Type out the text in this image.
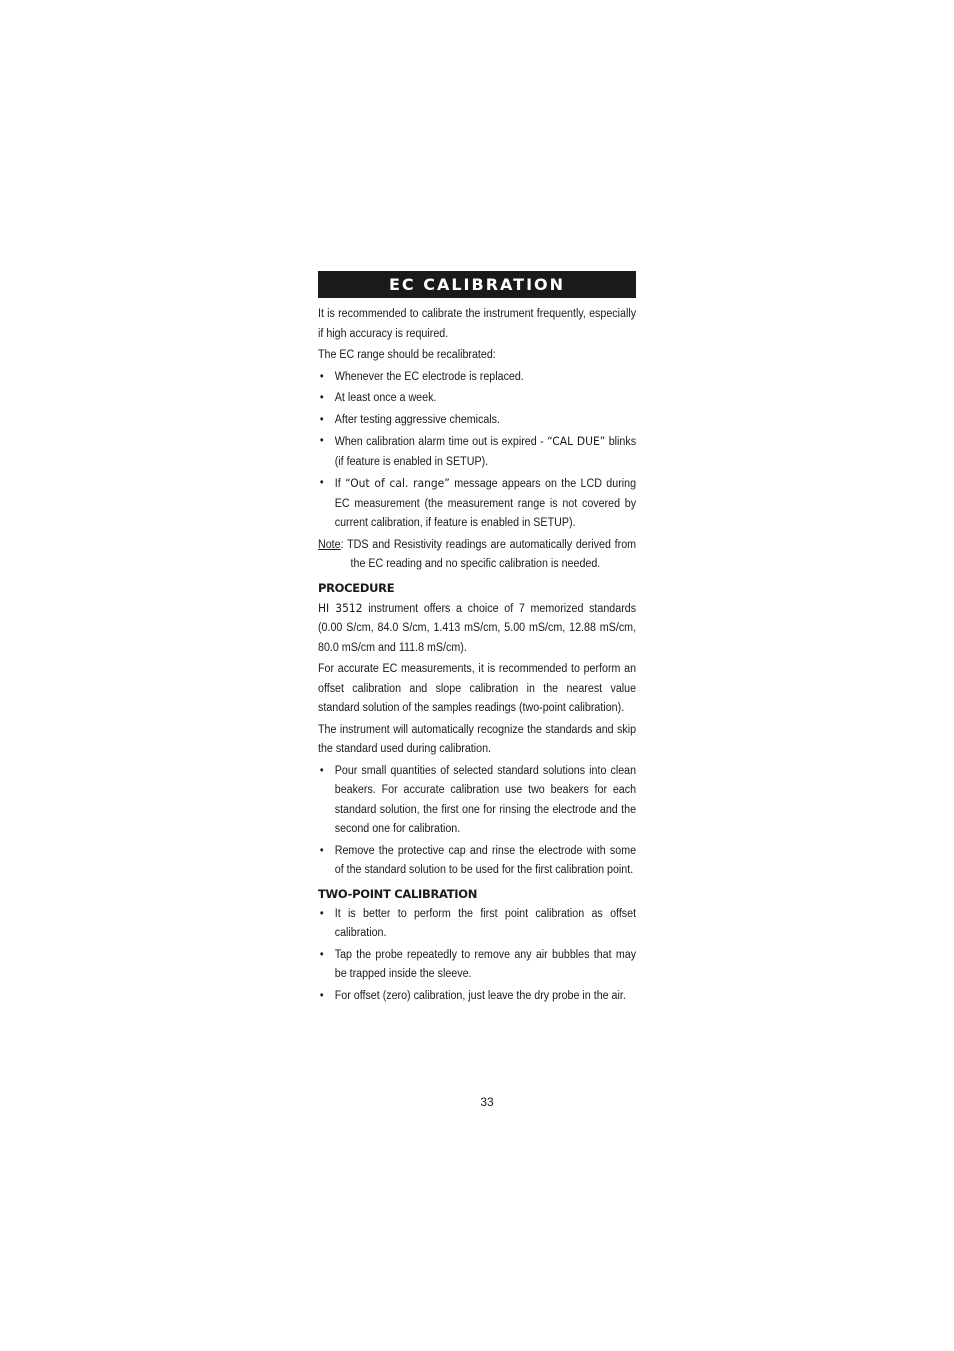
EC CALIBRATION

It is recommended to calibrate the instrument frequently, especially if high accuracy is required.

The EC range should be recalibrated:

• Whenever the EC electrode is replaced.
• At least once a week.
• After testing aggressive chemicals.
• When calibration alarm time out is expired - “CAL DUE” blinks (if feature is enabled in SETUP).
• If “Out of cal. range” message appears on the LCD during EC measurement (the measurement range is not covered by current calibration, if feature is enabled in SETUP).

Note: TDS and Resistivity readings are automatically derived from the EC reading and no specific calibration is needed.

PROCEDURE

HI 3512 instrument offers a choice of 7 memorized standards (0.00 S/cm, 84.0 S/cm, 1.413 mS/cm, 5.00 mS/cm, 12.88 mS/cm, 80.0 mS/cm and 111.8 mS/cm).

For accurate EC measurements, it is recommended to perform an offset calibration and slope calibration in the nearest value standard solution of the samples readings (two-point calibration).

The instrument will automatically recognize the standards and skip the standard used during calibration.

• Pour small quantities of selected standard solutions into clean beakers. For accurate calibration use two beakers for each standard solution, the first one for rinsing the electrode and the second one for calibration.
• Remove the protective cap and rinse the electrode with some of the standard solution to be used for the first calibration point.
TWO-POINT CALIBRATION
• It is better to perform the first point calibration as offset calibration.
• Tap the probe repeatedly to remove any air bubbles that may be trapped inside the sleeve.
• For offset (zero) calibration, just leave the dry probe in the air.
33
